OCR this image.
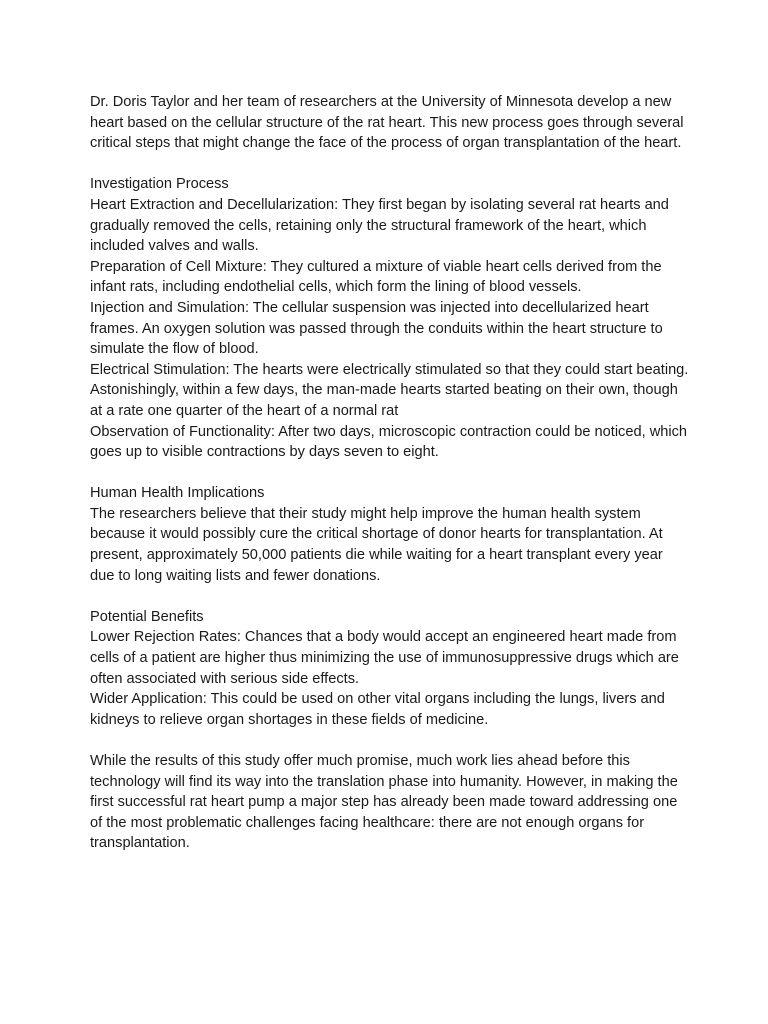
Dr. Doris Taylor and her team of researchers at the University of Minnesota develop a new heart based on the cellular structure of the rat heart. This new process goes through several critical steps that might change the face of the process of organ transplantation of the heart.

Investigation Process

Heart Extraction and Decellularization: They first began by isolating several rat hearts and gradually removed the cells, retaining only the structural framework of the heart, which included valves and walls.

Preparation of Cell Mixture: They cultured a mixture of viable heart cells derived from the infant rats, including endothelial cells, which form the lining of blood vessels.

Injection and Simulation: The cellular suspension was injected into decellularized heart frames. An oxygen solution was passed through the conduits within the heart structure to simulate the flow of blood.

Electrical Stimulation: The hearts were electrically stimulated so that they could start beating. Astonishingly, within a few days, the man-made hearts started beating on their own, though at a rate one quarter of the heart of a normal rat

Observation of Functionality: After two days, microscopic contraction could be noticed, which goes up to visible contractions by days seven to eight.

Human Health Implications

The researchers believe that their study might help improve the human health system because it would possibly cure the critical shortage of donor hearts for transplantation. At present, approximately 50,000 patients die while waiting for a heart transplant every year due to long waiting lists and fewer donations.

Potential Benefits

Lower Rejection Rates: Chances that a body would accept an engineered heart made from cells of a patient are higher thus minimizing the use of immunosuppressive drugs which are often associated with serious side effects.

Wider Application: This could be used on other vital organs including the lungs, livers and kidneys to relieve organ shortages in these fields of medicine.

While the results of this study offer much promise, much work lies ahead before this technology will find its way into the translation phase into humanity. However, in making the first successful rat heart pump a major step has already been made toward addressing one of the most problematic challenges facing healthcare: there are not enough organs for transplantation.
